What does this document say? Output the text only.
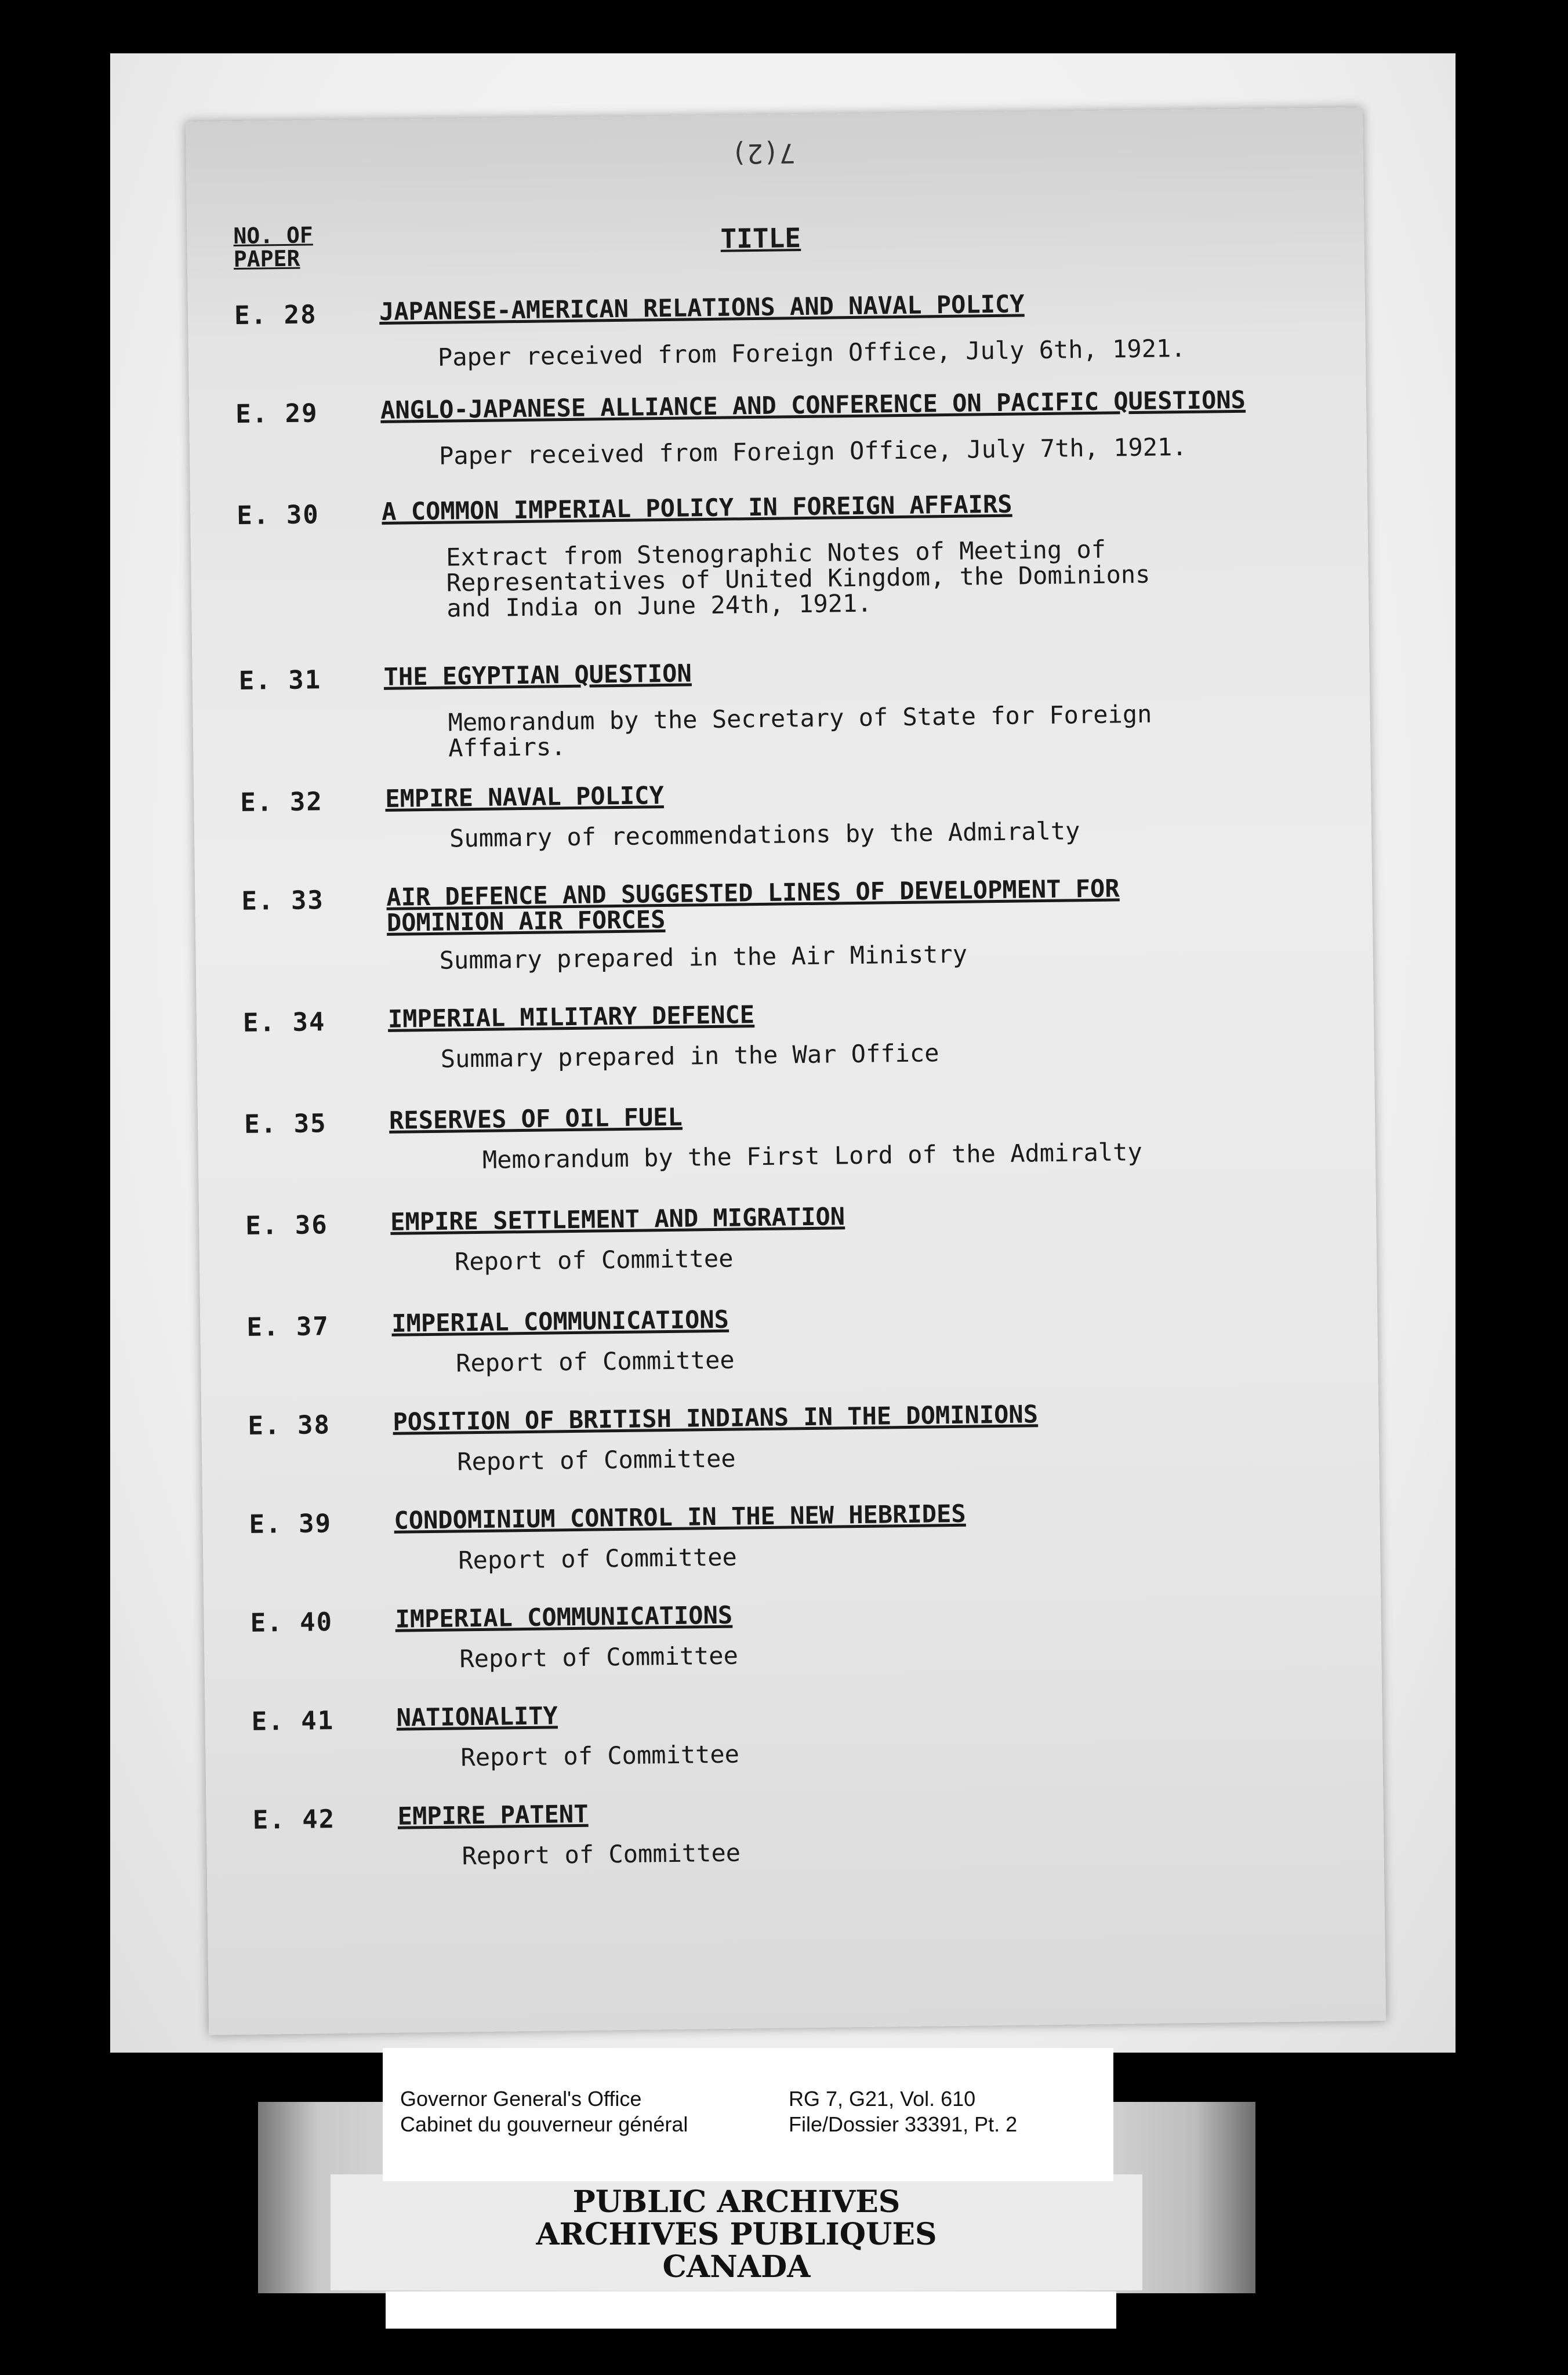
7(2)
NO. OF
PAPER
TITLE
E. 28	JAPANESE-AMERICAN RELATIONS AND NAVAL POLICY
Paper received from Foreign Office, July 6th, 1921.
E. 29	ANGLO-JAPANESE ALLIANCE AND CONFERENCE ON PACIFIC QUESTIONS
Paper received from Foreign Office, July 7th, 1921.
E. 30	A COMMON IMPERIAL POLICY IN FOREIGN AFFAIRS
Extract from Stenographic Notes of Meeting of
Representatives of United Kingdom, the Dominions
and India on June 24th, 1921.
E. 31	THE EGYPTIAN QUESTION
Memorandum by the Secretary of State for Foreign
Affairs.
E. 32	EMPIRE NAVAL POLICY
Summary of recommendations by the Admiralty
E. 33	AIR DEFENCE AND SUGGESTED LINES OF DEVELOPMENT FOR
DOMINION AIR FORCES
Summary prepared in the Air Ministry
E. 34	IMPERIAL MILITARY DEFENCE
Summary prepared in the War Office
E. 35	RESERVES OF OIL FUEL
Memorandum by the First Lord of the Admiralty
E. 36	EMPIRE SETTLEMENT AND MIGRATION
Report of Committee
E. 37	IMPERIAL COMMUNICATIONS
Report of Committee
E. 38	POSITION OF BRITISH INDIANS IN THE DOMINIONS
Report of Committee
E. 39	CONDOMINIUM CONTROL IN THE NEW HEBRIDES
Report of Committee
E. 40	IMPERIAL COMMUNICATIONS
Report of Committee
E. 41	NATIONALITY
Report of Committee
E. 42	EMPIRE PATENT
Report of Committee
PUBLIC ARCHIVES
ARCHIVES PUBLIQUES
CANADA
Governor General's Office
Cabinet du gouverneur général
RG 7, G21, Vol. 610
File/Dossier 33391, Pt. 2
